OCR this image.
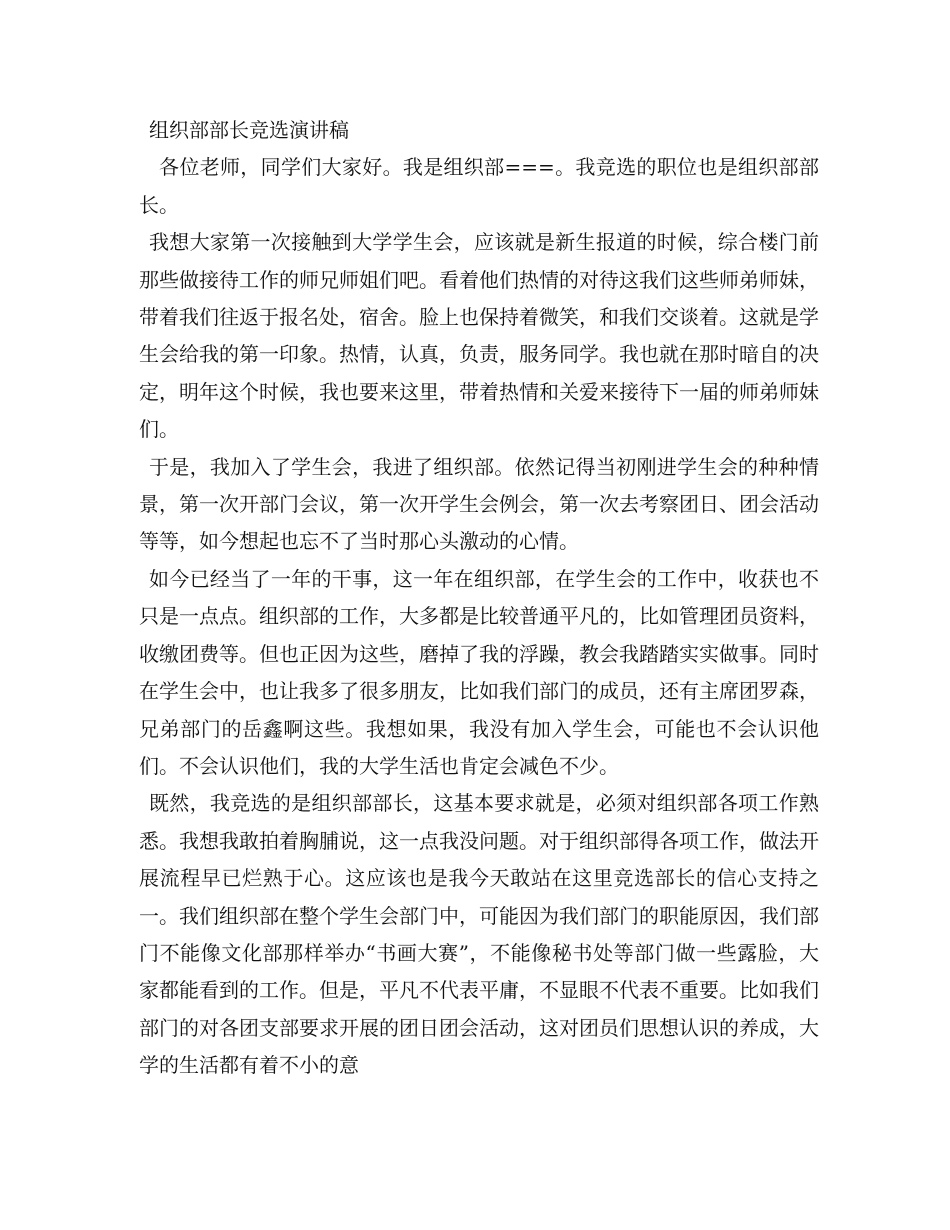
组织部部长竞选演讲稿

各位老师，同学们大家好。我是组织部===。我竞选的职位也是组织部部长。

我想大家第一次接触到大学学生会，应该就是新生报道的时候，综合楼门前那些做接待工作的师兄师姐们吧。看着他们热情的对待这我们这些师弟师妹，带着我们往返于报名处，宿舍。脸上也保持着微笑，和我们交谈着。这就是学生会给我的第一印象。热情，认真，负责，服务同学。我也就在那时暗自的决定，明年这个时候，我也要来这里，带着热情和关爱来接待下一届的师弟师妹们。

于是，我加入了学生会，我进了组织部。依然记得当初刚进学生会的种种情景，第一次开部门会议，第一次开学生会例会，第一次去考察团日、团会活动等等，如今想起也忘不了当时那心头激动的心情。

如今已经当了一年的干事，这一年在组织部，在学生会的工作中，收获也不只是一点点。组织部的工作，大多都是比较普通平凡的，比如管理团员资料，收缴团费等。但也正因为这些，磨掉了我的浮躁，教会我踏踏实实做事。同时在学生会中，也让我多了很多朋友，比如我们部门的成员，还有主席团罗森，兄弟部门的岳鑫啊这些。我想如果，我没有加入学生会，可能也不会认识他们。不会认识他们，我的大学生活也肯定会减色不少。

既然，我竞选的是组织部部长，这基本要求就是，必须对组织部各项工作熟悉。我想我敢拍着胸脯说，这一点我没问题。对于组织部得各项工作，做法开展流程早已烂熟于心。这应该也是我今天敢站在这里竞选部长的信心支持之一。我们组织部在整个学生会部门中，可能因为我们部门的职能原因，我们部门不能像文化部那样举办“书画大赛”，不能像秘书处等部门做一些露脸，大家都能看到的工作。但是，平凡不代表平庸，不显眼不代表不重要。比如我们部门的对各团支部要求开展的团日团会活动，这对团员们思想认识的养成，大学的生活都有着不小的意
